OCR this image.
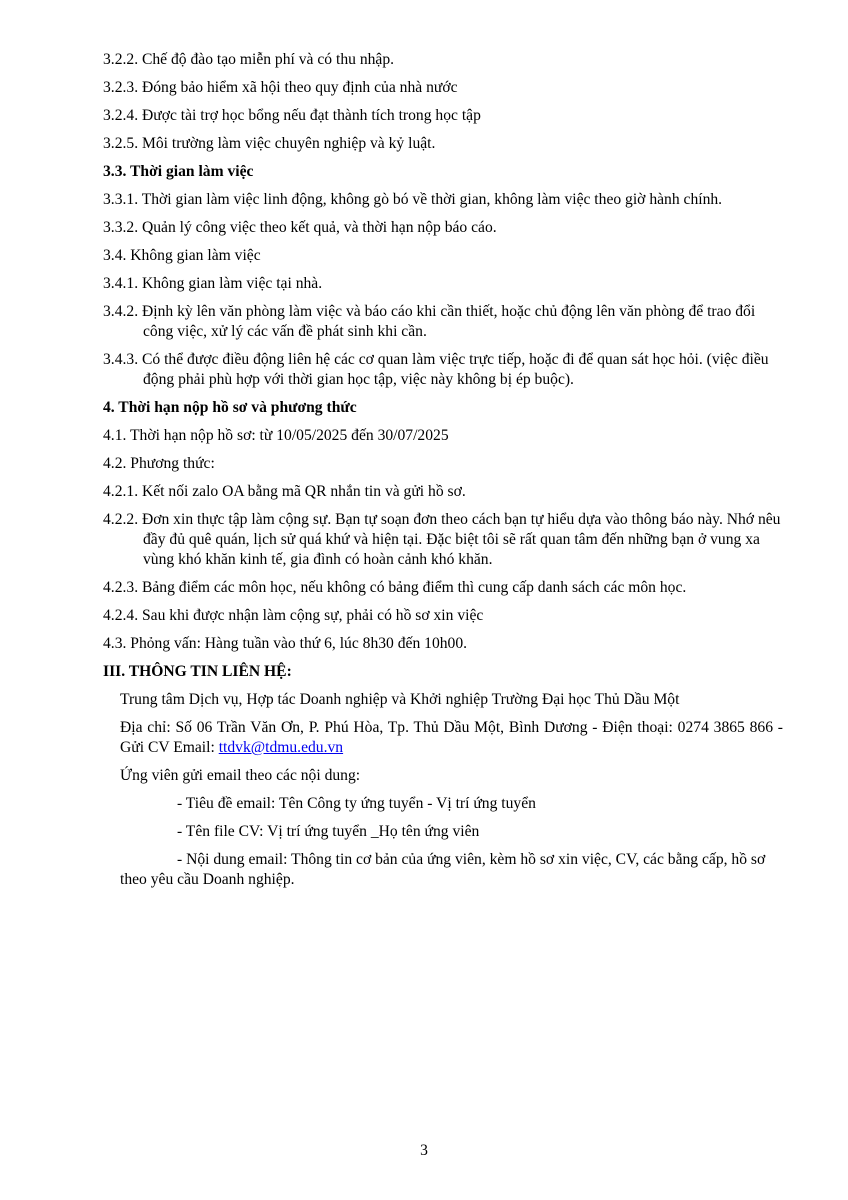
3.2.2. Chế độ đào tạo miễn phí và có thu nhập.
3.2.3. Đóng bảo hiểm xã hội theo quy định của nhà nước
3.2.4. Được tài trợ học bổng nếu đạt thành tích trong học tập
3.2.5. Môi trường làm việc chuyên nghiệp và kỷ luật.
3.3. Thời gian làm việc
3.3.1. Thời gian làm việc linh động, không gò bó về thời gian, không làm việc theo giờ hành chính.
3.3.2. Quản lý công việc theo kết quả, và thời hạn nộp báo cáo.
3.4. Không gian làm việc
3.4.1. Không gian làm việc tại nhà.
3.4.2. Định kỳ lên văn phòng làm việc và báo cáo khi cần thiết, hoặc chủ động lên văn phòng để trao đổi công việc, xử lý các vấn đề phát sinh khi cần.
3.4.3. Có thể được điều động liên hệ các cơ quan làm việc trực tiếp, hoặc đi để quan sát học hỏi. (việc điều động phải phù hợp với thời gian học tập, việc này không bị ép buộc).
4. Thời hạn nộp hồ sơ và phương thức
4.1. Thời hạn nộp hồ sơ: từ 10/05/2025 đến 30/07/2025
4.2. Phương thức:
4.2.1. Kết nối zalo OA bằng mã QR nhắn tin và gửi hồ sơ.
4.2.2. Đơn xin thực tập làm cộng sự. Bạn tự soạn đơn theo cách bạn tự hiểu dựa vào thông báo này. Nhớ nêu đầy đủ quê quán, lịch sử quá khứ và hiện tại. Đặc biệt tôi sẽ rất quan tâm đến những bạn ở vung xa vùng khó khăn kinh tế, gia đình có hoàn cảnh khó khăn.
4.2.3. Bảng điểm các môn học, nếu không có bảng điểm thì cung cấp danh sách các môn học.
4.2.4. Sau khi được nhận làm cộng sự, phải có hồ sơ xin việc
4.3. Phỏng vấn: Hàng tuần vào thứ 6, lúc 8h30 đến 10h00.
III. THÔNG TIN LIÊN HỆ:
Trung tâm Dịch vụ, Hợp tác Doanh nghiệp và Khởi nghiệp Trường Đại học Thủ Dầu Một
Địa chỉ: Số 06 Trần Văn Ơn, P. Phú Hòa, Tp. Thủ Dầu Một, Bình Dương - Điện thoại: 0274 3865 866 - Gửi CV Email: ttdvk@tdmu.edu.vn
Ứng viên gửi email theo các nội dung:
- Tiêu đề email: Tên Công ty ứng tuyển - Vị trí ứng tuyển
- Tên file CV: Vị trí ứng tuyển _Họ tên ứng viên
- Nội dung email: Thông tin cơ bản của ứng viên, kèm hồ sơ xin việc, CV, các bằng cấp, hồ sơ theo yêu cầu Doanh nghiệp.
3
